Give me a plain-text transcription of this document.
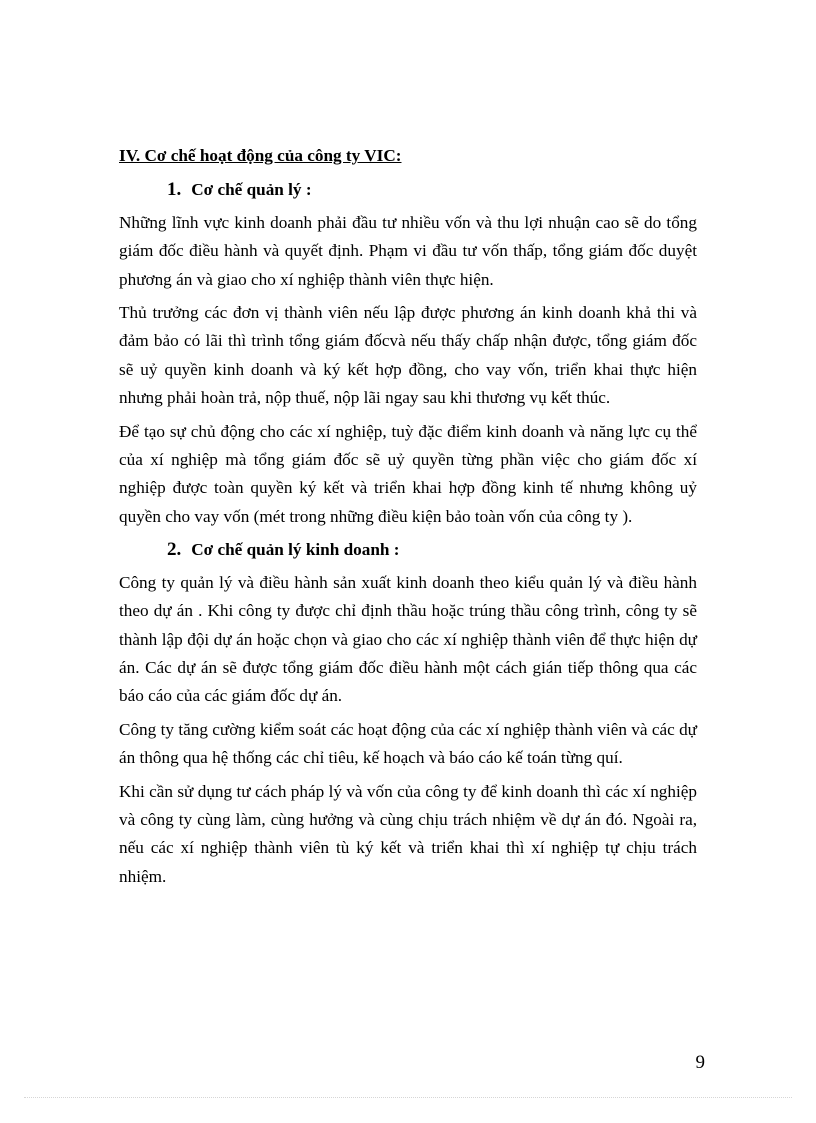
IV. Cơ chế hoạt động của công ty VIC:
1. Cơ chế quản lý :

Những lĩnh vực kinh doanh phải đầu tư nhiều vốn và thu lợi nhuận cao sẽ do tổng giám đốc điều hành và quyết định. Phạm vi đầu tư vốn thấp, tổng giám đốc duyệt phương án và giao cho xí nghiệp thành viên thực hiện.

Thủ trưởng các đơn vị thành viên nếu lập được phương án kinh doanh khả thi và đảm bảo có lãi thì trình tổng giám đốcvà nếu thấy chấp nhận được, tổng giám đốc sẽ uỷ quyền kinh doanh và ký kết hợp đồng, cho vay vốn, triển khai thực hiện nhưng phải hoàn trả, nộp thuế, nộp lãi ngay sau khi thương vụ kết thúc.

Để tạo sự chủ động cho các xí nghiệp, tuỳ đặc điểm kinh doanh và năng lực cụ thể của xí nghiệp mà tổng giám đốc sẽ uỷ quyền từng phần việc cho giám đốc xí nghiệp được toàn quyền ký kết và triển khai hợp đồng kinh tế nhưng không uỷ quyền cho vay vốn (mét trong những điều kiện bảo toàn vốn của công ty ).

2. Cơ chế quản lý kinh doanh :

Công ty quản lý và điều hành sản xuất kinh doanh theo kiểu quản lý và điều hành theo dự án . Khi công ty được chỉ định thầu hoặc trúng thầu công trình, công ty sẽ thành lập đội dự án hoặc chọn và giao cho các xí nghiệp thành viên để thực hiện dự án. Các dự án sẽ được tổng giám đốc điều hành một cách gián tiếp thông qua các báo cáo của các giám đốc dự án.

Công ty tăng cường kiểm soát các hoạt động của các xí nghiệp thành viên và các dự án thông qua hệ thống các chỉ tiêu, kế hoạch và báo cáo kế toán từng quí.

Khi cần sử dụng tư cách pháp lý và vốn của công ty để kinh doanh thì các xí nghiệp và công ty cùng làm, cùng hưởng và cùng chịu trách nhiệm về dự án đó. Ngoài ra, nếu các xí nghiệp thành viên tù ký kết và triển khai thì xí nghiệp tự chịu trách nhiệm.

9
